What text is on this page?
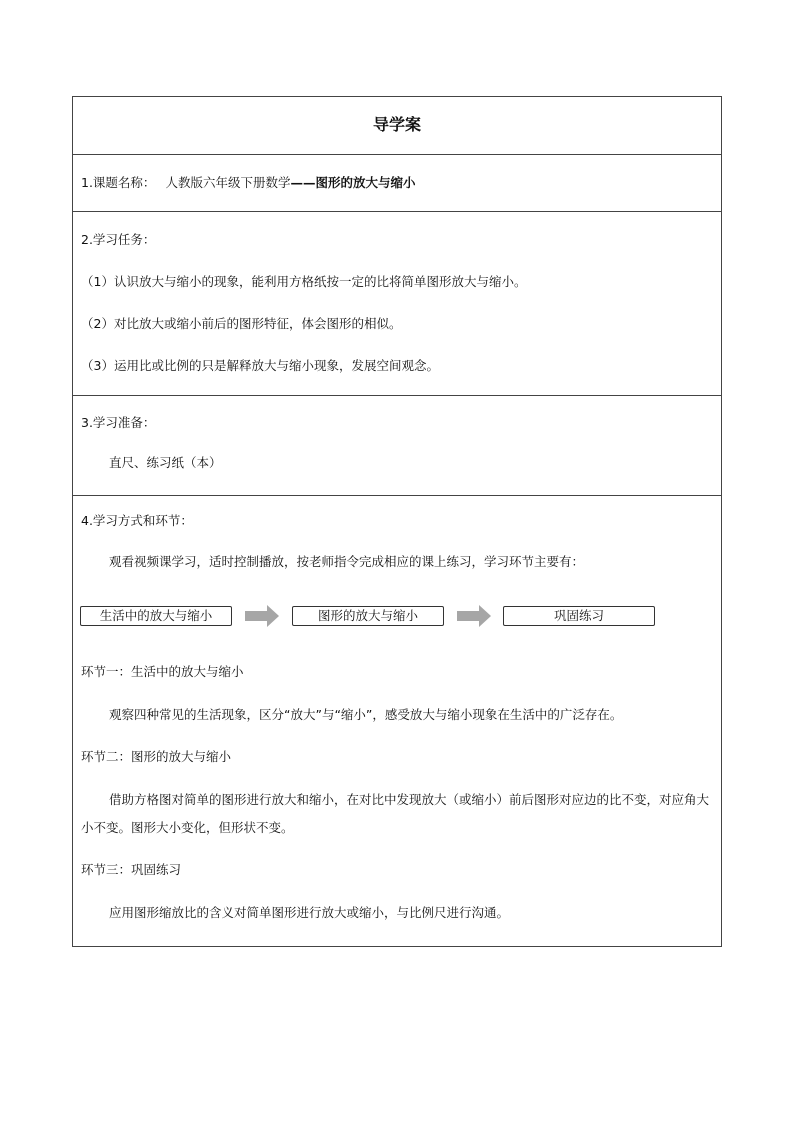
导学案
1.课题名称： 人教版六年级下册数学——图形的放大与缩小
2.学习任务：
（1）认识放大与缩小的现象，能利用方格纸按一定的比将简单图形放大与缩小。
（2）对比放大或缩小前后的图形特征，体会图形的相似。
（3）运用比或比例的只是解释放大与缩小现象，发展空间观念。
3.学习准备：
直尺、练习纸（本）
4.学习方式和环节：
观看视频课学习，适时控制播放，按老师指令完成相应的课上练习，学习环节主要有：
生活中的放大与缩小	图形的放大与缩小	巩固练习
环节一：生活中的放大与缩小
观察四种常见的生活现象，区分“放大”与“缩小”，感受放大与缩小现象在生活中的广泛存在。
环节二：图形的放大与缩小
借助方格图对简单的图形进行放大和缩小，在对比中发现放大（或缩小）前后图形对应边的比不变，对应角大小不变。图形大小变化，但形状不变。
环节三：巩固练习
应用图形缩放比的含义对简单图形进行放大或缩小，与比例尺进行沟通。
